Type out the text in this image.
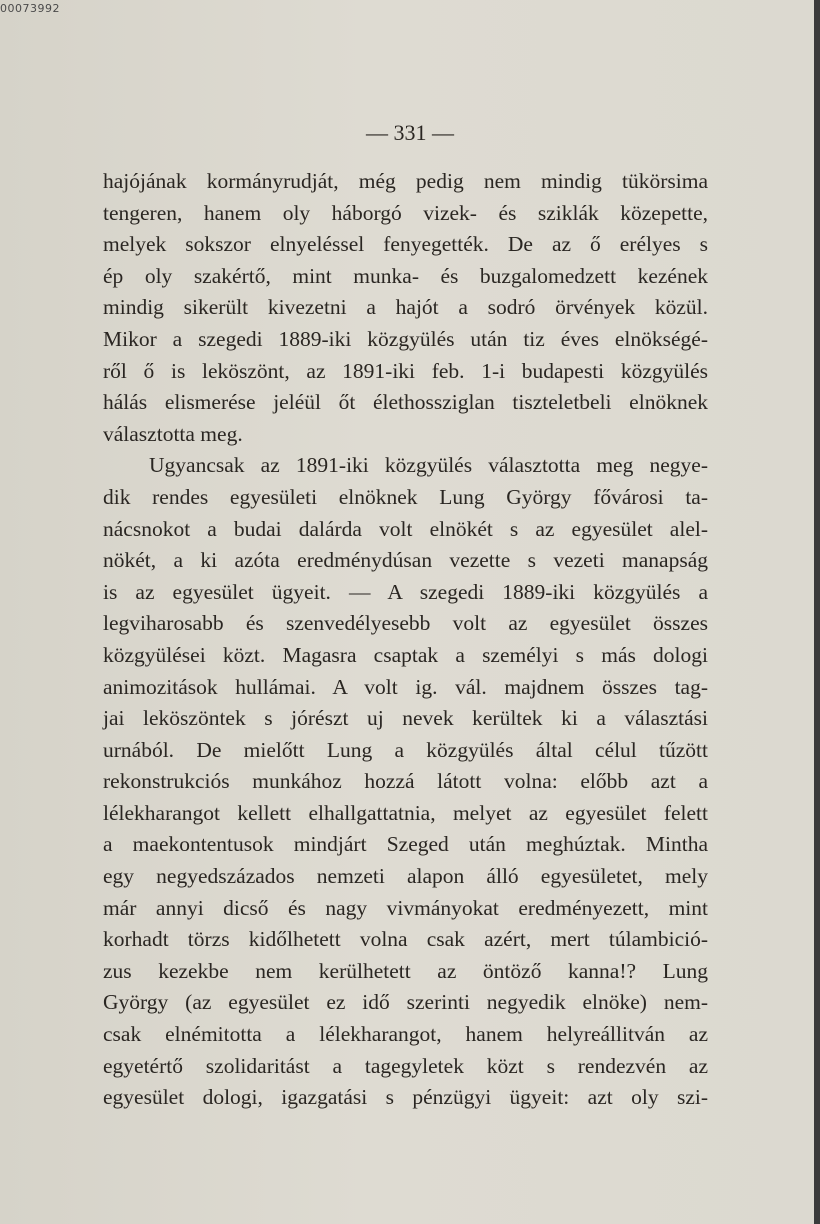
00073992
— 331 —
hajójának kormányrudját, még pedig nem mindig tükörsima
tengeren, hanem oly háborgó vizek- és sziklák közepette,
melyek sokszor elnyeléssel fenyegették. De az ő erélyes s
ép oly szakértő, mint munka- és buzgalomedzett kezének
mindig sikerült kivezetni a hajót a sodró örvények közül.
Mikor a szegedi 1889-iki közgyülés után tiz éves elnökségé-
ről ő is leköszönt, az 1891-iki feb. 1-i budapesti közgyülés
hálás elismerése jeléül őt élethossziglan tiszteletbeli elnöknek
választotta meg.
Ugyancsak az 1891-iki közgyülés választotta meg negye-
dik rendes egyesületi elnöknek Lung György fővárosi ta-
nácsnokot a budai dalárda volt elnökét s az egyesület alel-
nökét, a ki azóta eredménydúsan vezette s vezeti manapság
is az egyesület ügyeit. — A szegedi 1889-iki közgyülés a
legviharosabb és szenvedélyesebb volt az egyesület összes
közgyülései közt. Magasra csaptak a személyi s más dologi
animozitások hullámai. A volt ig. vál. majdnem összes tag-
jai leköszöntek s jórészt uj nevek kerültek ki a választási
urnából. De mielőtt Lung a közgyülés által célul tűzött
rekonstrukciós munkához hozzá látott volna: előbb azt a
lélekharangot kellett elhallgattatnia, melyet az egyesület felett
a maekontentusok mindjárt Szeged után meghúztak. Mintha
egy negyedszázados nemzeti alapon álló egyesületet, mely
már annyi dicső és nagy vivmányokat eredményezett, mint
korhadt törzs kidőlhetett volna csak azért, mert túlambició-
zus kezekbe nem kerülhetett az öntöző kanna!? Lung
György (az egyesület ez idő szerinti negyedik elnöke) nem-
csak elnémitotta a lélekharangot, hanem helyreállitván az
egyetértő szolidaritást a tagegyletek közt s rendezvén az
egyesület dologi, igazgatási s pénzügyi ügyeit: azt oly szi-
